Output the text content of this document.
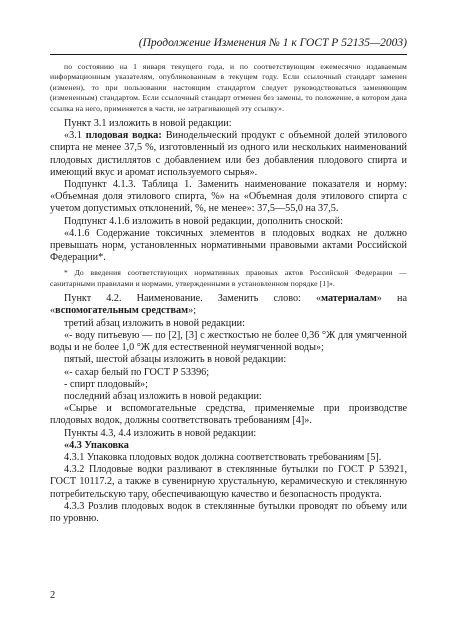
(Продолжение Изменения № 1 к ГОСТ Р 52135—2003)

по состоянию на 1 января текущего года, и по соответствующим ежемесячно издаваемым информационным указателям, опубликованным в текущем году. Если ссылочный стандарт заменен (изменен), то при пользовании настоящим стандартом следует руководствоваться заменяющим (измененным) стандартом. Если ссылочный стандарт отменен без замены, то положение, в котором дана ссылка на него, применяется в части, не затрагивающей эту ссылку».

Пункт 3.1 изложить в новой редакции:

«3.1 плодовая водка: Винодельческий продукт с объемной долей этилового спирта не менее 37,5 %, изготовленный из одного или нескольких наименований плодовых дистиллятов с добавлением или без добавления плодового спирта и имеющий вкус и аромат используемого сырья».

Подпункт 4.1.3. Таблица 1. Заменить наименование показателя и норму: «Объемная доля этилового спирта, %» на «Объемная доля этилового спирта с учетом допустимых отклонений, %, не менее»: 37,5—55,0 на 37,5.

Подпункт 4.1.6 изложить в новой редакции, дополнить сноской:

«4.1.6 Содержание токсичных элементов в плодовых водках не должно превышать норм, установленных нормативными правовыми актами Российской Федерации*.

* До введения соответствующих нормативных правовых актов Российской Федерации — санитарными правилами и нормами, утвержденными в установленном порядке [1]».

Пункт 4.2. Наименование. Заменить слово: «материалам» на «вспомогательным средствам»;

третий абзац изложить в новой редакции:

«- воду питьевую — по [2], [3] с жесткостью не более 0,36 °Ж для умягченной воды и не более 1,0 °Ж для естественной неумягченной воды»;

пятый, шестой абзацы изложить в новой редакции:

«- сахар белый по ГОСТ Р 53396;

- спирт плодовый»;

последний абзац изложить в новой редакции:

«Сырье и вспомогательные средства, применяемые при производстве плодовых водок, должны соответствовать требованиям [4]».

Пункты 4.3, 4.4 изложить в новой редакции:

«4.3 Упаковка

4.3.1 Упаковка плодовых водок должна соответствовать требованиям [5].

4.3.2 Плодовые водки разливают в стеклянные бутылки по ГОСТ Р 53921, ГОСТ 10117.2, а также в сувенирную хрустальную, керамическую и стеклянную потребительскую тару, обеспечивающую качество и безопасность продукта.

4.3.3 Розлив плодовых водок в стеклянные бутылки проводят по объему или по уровню.

2
